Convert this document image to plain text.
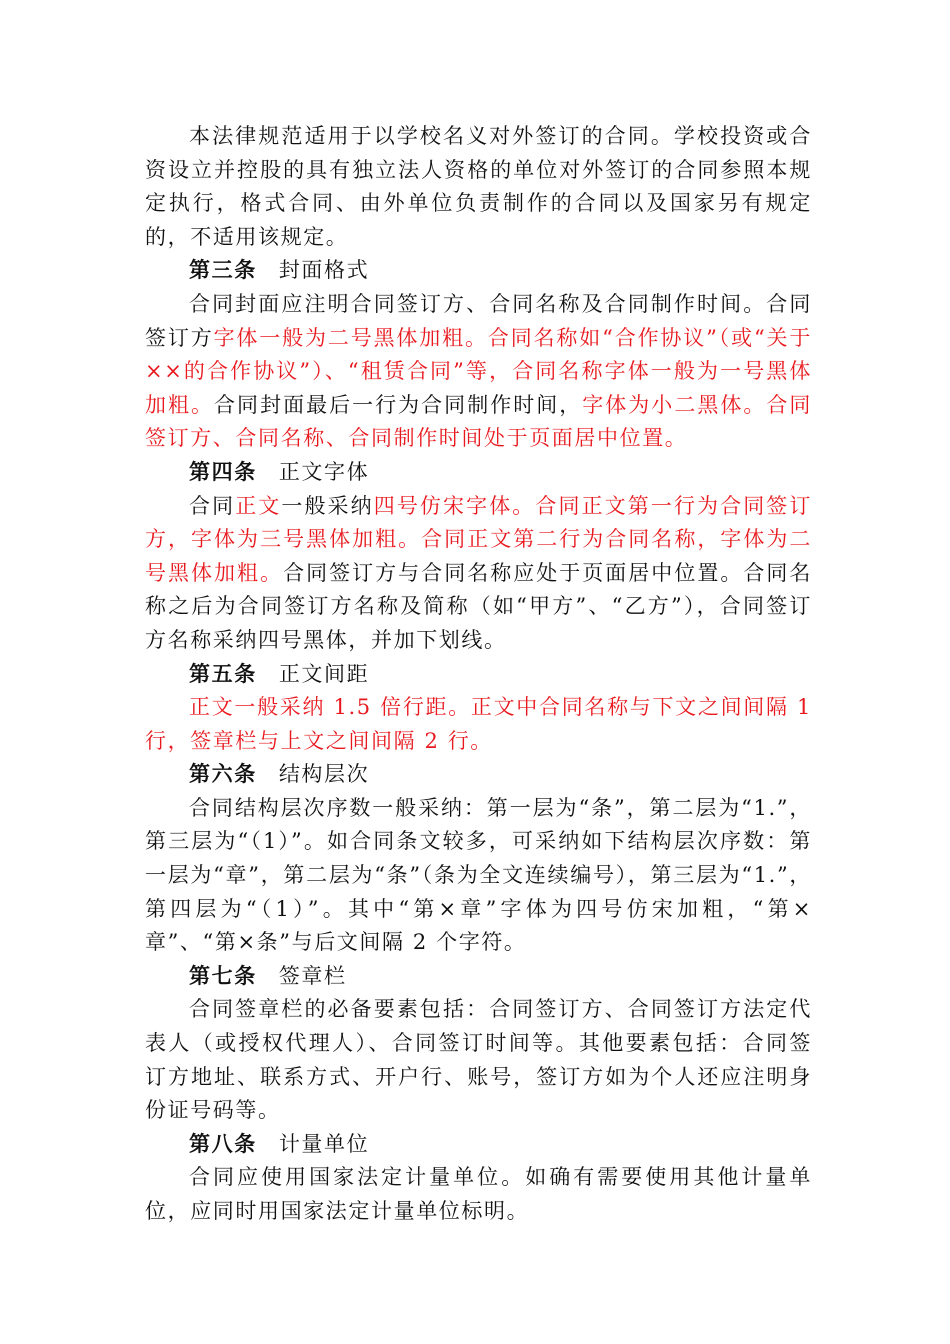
本法律规范适用于以学校名义对外签订的合同。学校投资或合资设立并控股的具有独立法人资格的单位对外签订的合同参照本规定执行，格式合同、由外单位负责制作的合同以及国家另有规定的，不适用该规定。

第三条 封面格式

合同封面应注明合同签订方、合同名称及合同制作时间。合同签订方字体一般为二号黑体加粗。合同名称如“合作协议”（或“关于××的合作协议”）、“租赁合同”等，合同名称字体一般为一号黑体加粗。合同封面最后一行为合同制作时间，字体为小二黑体。合同签订方、合同名称、合同制作时间处于页面居中位置。

第四条 正文字体

合同正文一般采纳四号仿宋字体。合同正文第一行为合同签订方，字体为三号黑体加粗。合同正文第二行为合同名称，字体为二号黑体加粗。合同签订方与合同名称应处于页面居中位置。合同名称之后为合同签订方名称及简称（如“甲方”、“乙方”），合同签订方名称采纳四号黑体，并加下划线。

第五条 正文间距

正文一般采纳 1.5 倍行距。正文中合同名称与下文之间间隔 1 行，签章栏与上文之间间隔 2 行。

第六条 结构层次

合同结构层次序数一般采纳：第一层为“条”，第二层为“1.”，第三层为“（1）”。如合同条文较多，可采纳如下结构层次序数：第一层为“章”，第二层为“条”（条为全文连续编号），第三层为“1.”，第四层为“（1）”。其中“第×章”字体为四号仿宋加粗，“第×章”、“第×条”与后文间隔 2 个字符。

第七条 签章栏

合同签章栏的必备要素包括：合同签订方、合同签订方法定代表人（或授权代理人）、合同签订时间等。其他要素包括：合同签订方地址、联系方式、开户行、账号，签订方如为个人还应注明身份证号码等。

第八条 计量单位

合同应使用国家法定计量单位。如确有需要使用其他计量单位，应同时用国家法定计量单位标明。
